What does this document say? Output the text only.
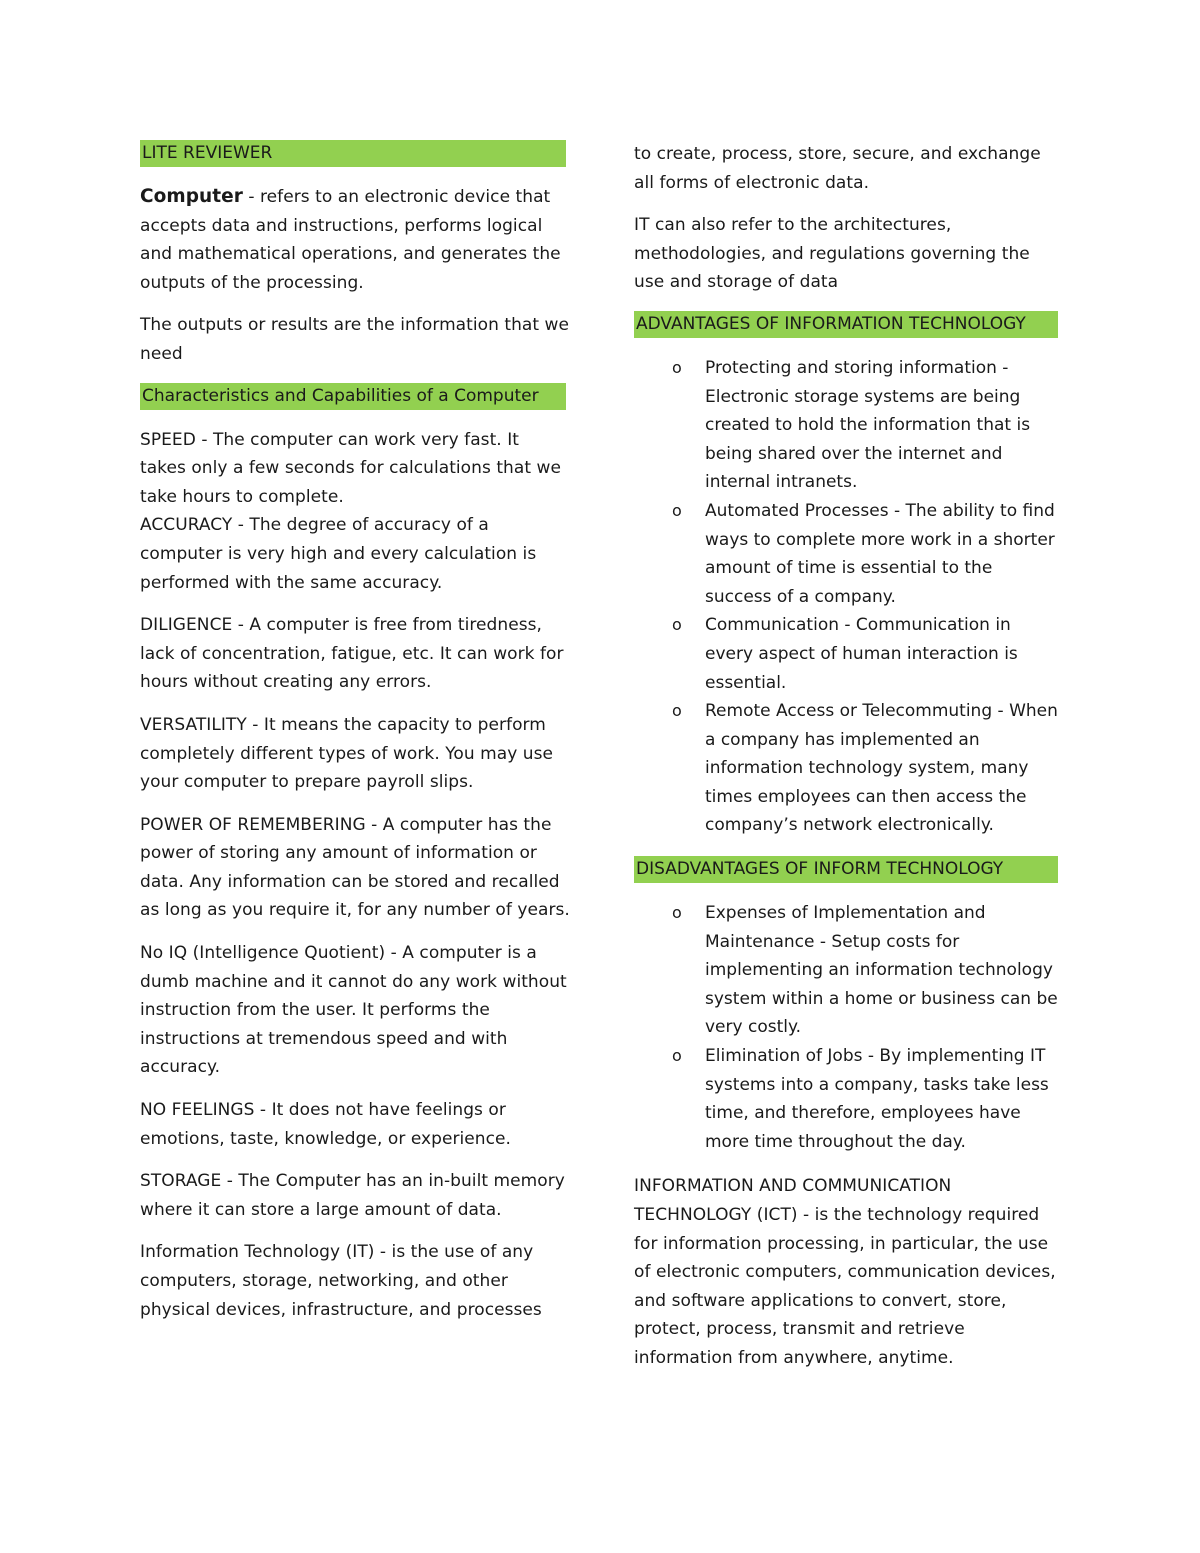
LITE REVIEWER

Computer - refers to an electronic device that accepts data and instructions, performs logical and mathematical operations, and generates the outputs of the processing.

The outputs or results are the information that we need

Characteristics and Capabilities of a Computer

SPEED - The computer can work very fast. It takes only a few seconds for calculations that we take hours to complete.

ACCURACY - The degree of accuracy of a computer is very high and every calculation is performed with the same accuracy.

DILIGENCE - A computer is free from tiredness, lack of concentration, fatigue, etc. It can work for hours without creating any errors.

VERSATILITY - It means the capacity to perform completely different types of work. You may use your computer to prepare payroll slips.

POWER OF REMEMBERING - A computer has the power of storing any amount of information or data. Any information can be stored and recalled as long as you require it, for any number of years.

No IQ (Intelligence Quotient) - A computer is a dumb machine and it cannot do any work without instruction from the user. It performs the instructions at tremendous speed and with accuracy.

NO FEELINGS - It does not have feelings or emotions, taste, knowledge, or experience.

STORAGE - The Computer has an in-built memory where it can store a large amount of data.

Information Technology (IT) - is the use of any computers, storage, networking, and other physical devices, infrastructure, and processes

to create, process, store, secure, and exchange all forms of electronic data.

IT can also refer to the architectures, methodologies, and regulations governing the use and storage of data

ADVANTAGES OF INFORMATION TECHNOLOGY
o Protecting and storing information - Electronic storage systems are being created to hold the information that is being shared over the internet and internal intranets.
o Automated Processes - The ability to find ways to complete more work in a shorter amount of time is essential to the success of a company.
o Communication - Communication in every aspect of human interaction is essential.
o Remote Access or Telecommuting - When a company has implemented an information technology system, many times employees can then access the company’s network electronically.
DISADVANTAGES OF INFORM TECHNOLOGY
o Expenses of Implementation and Maintenance - Setup costs for implementing an information technology system within a home or business can be very costly.
o Elimination of Jobs - By implementing IT systems into a company, tasks take less time, and therefore, employees have more time throughout the day.

INFORMATION AND COMMUNICATION TECHNOLOGY (ICT) - is the technology required for information processing, in particular, the use of electronic computers, communication devices, and software applications to convert, store, protect, process, transmit and retrieve information from anywhere, anytime.
